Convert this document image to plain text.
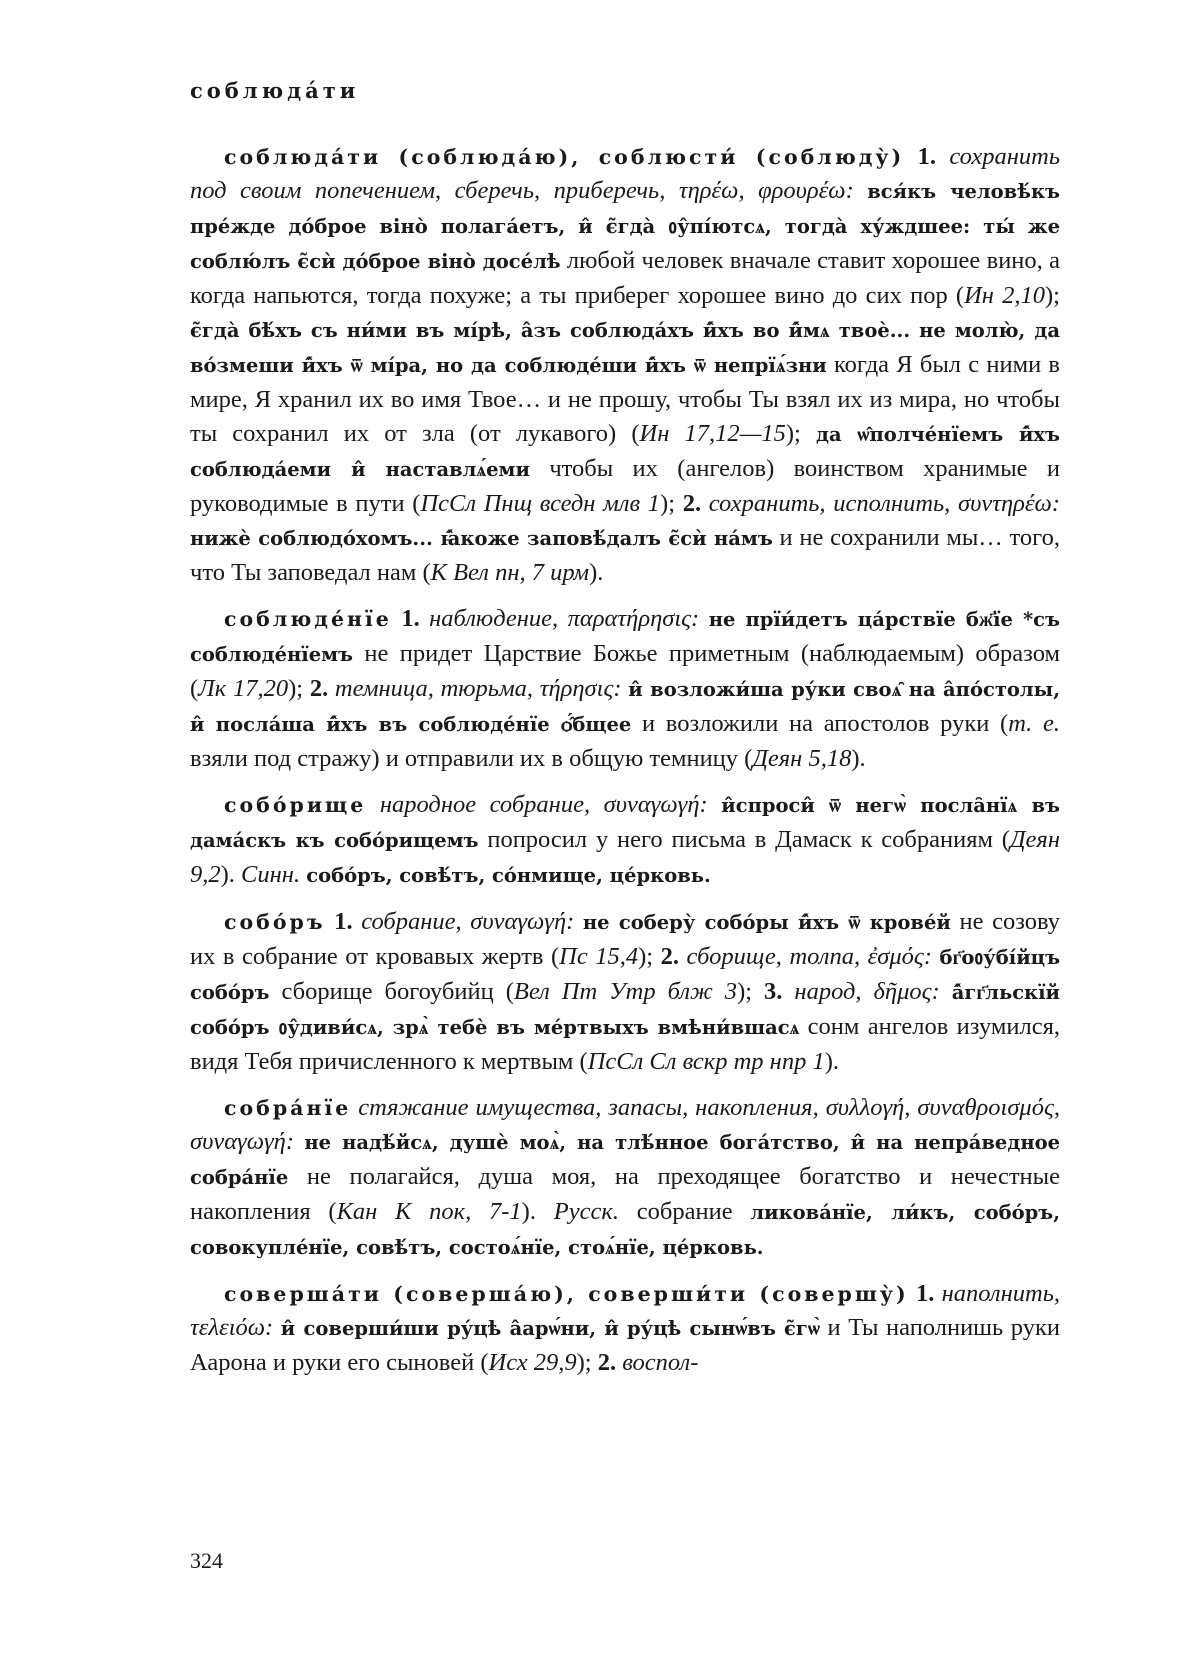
соблюда́ти

соблюда́ти (соблюда́ю), соблюсти́ (соблюду̀) 1. сохранить под своим попечением, сберечь, приберечь, τηρέω, φρουρέω: вся́къ человѣ́къ пре́жде до́брое віно̀ полага́етъ, и̂ є̃гда̀ ᲂу̂пі́ютсѧ, тогда̀ ху́ждшее: ты́ же соблю́лъ є̃сѝ до́брое віно̀ досе́лѣ любой человек вначале ставит хорошее вино, а когда напьются, тогда похуже; а ты приберег хорошее вино до сих пор (Ин 2,10); є̃гда̀ бѣ́хъ съ ни́ми въ мі́рѣ, а̂зъ соблюда́хъ и̂́хъ во и̂́мѧ твоѐ... не молю̀, да во́змеши и̂́хъ ѿ мі́ра, но да соблюде́ши и̂́хъ ѿ непрїѧ́зни когда Я был с ними в мире, Я хранил их во имя Твое… и не прошу, чтобы Ты взял их из мира, но чтобы ты сохранил их от зла (от лукавого) (Ин 17,12—15); да ѡ̂полче́нїемъ и̂́хъ соблюда́еми и̂ наставлѧ́еми чтобы их (ангелов) воинством хранимые и руководимые в пути (ПсСл Пнщ вседн млв 1); 2. сохранить, исполнить, συντηρέω: нижѐ соблюдо́хомъ... ꙗ̂́коже заповѣ́далъ є̃сѝ на́мъ и не сохранили мы… того, что Ты заповедал нам (К Вел пн, 7 ирм).

соблюде́нїе 1. наблюдение, παρατήρησις: не прїи́детъ ца́рствїе бж҃їе *съ соблюде́нїемъ не придет Царствие Божье приметным (наблюдаемым) образом (Лк 17,20); 2. темница, тюрьма, τήρησις: и̂ возложи́ша ру́ки своѧ̑ на а̂по́столы, и̂ посла́ша и̂́хъ въ соблюде́нїе ѻ̂́бщее и возложили на апостолов руки (т. е. взяли под стражу) и отправили их в общую темницу (Деян 5,18).

собо́рище народное собрание, συναγωγή: и̂спроси̂ ѿ негѡ̀ посла̑нїѧ въ дама́скъ къ собо́рищемъ попросил у него письма в Дамаск к собраниям (Деян 9,2). Синн. собо́ръ, совѣ́тъ, со́нмище, це́рковь.

собо́ръ 1. собрание, συναγωγή: не соберу̀ собо́ры и̂́хъ ѿ крове́й не созову их в собрание от кровавых жертв (Пс 15,4); 2. сборище, толпа, ἐσμός: бг҃оᲂу́бі́йцъ собо́ръ сборище богоубийц (Вел Пт Утр блж 3); 3. народ, δῆμος: а̂́гг҃льскїй собо́ръ ᲂу̂диви́сѧ, зрѧ̀ тебѐ въ ме́ртвыхъ вмѣни́вшасѧ сонм ангелов изумился, видя Тебя причисленного к мертвым (ПсСл Сл вскр тр нпр 1).

собра́нїе стяжание имущества, запасы, накопления, συλλογή, συναθροισμός, συναγωγή: не надѣ́йсѧ, душѐ моѧ̀, на тлѣ́нное бога́тство, и̂ на непра́ведное собра́нїе не полагайся, душа моя, на преходящее богатство и нечестные накопления (Кан К пок, 7-1). Русск. собрание ликова́нїе, ли́къ, собо́ръ, совокупле́нїе, совѣ́тъ, состоѧ́нїе, стоѧ́нїе, це́рковь.

соверша́ти (соверша́ю), соверши́ти (совершу̀) 1. наполнить, τελειόω: и̂ соверши́ши ру́цѣ а̂арѡ́ни, и̂ ру́цѣ сынѡ́въ є̃гѡ̀ и Ты наполнишь руки Аарона и руки его сыновей (Исх 29,9); 2. воспол-

324
